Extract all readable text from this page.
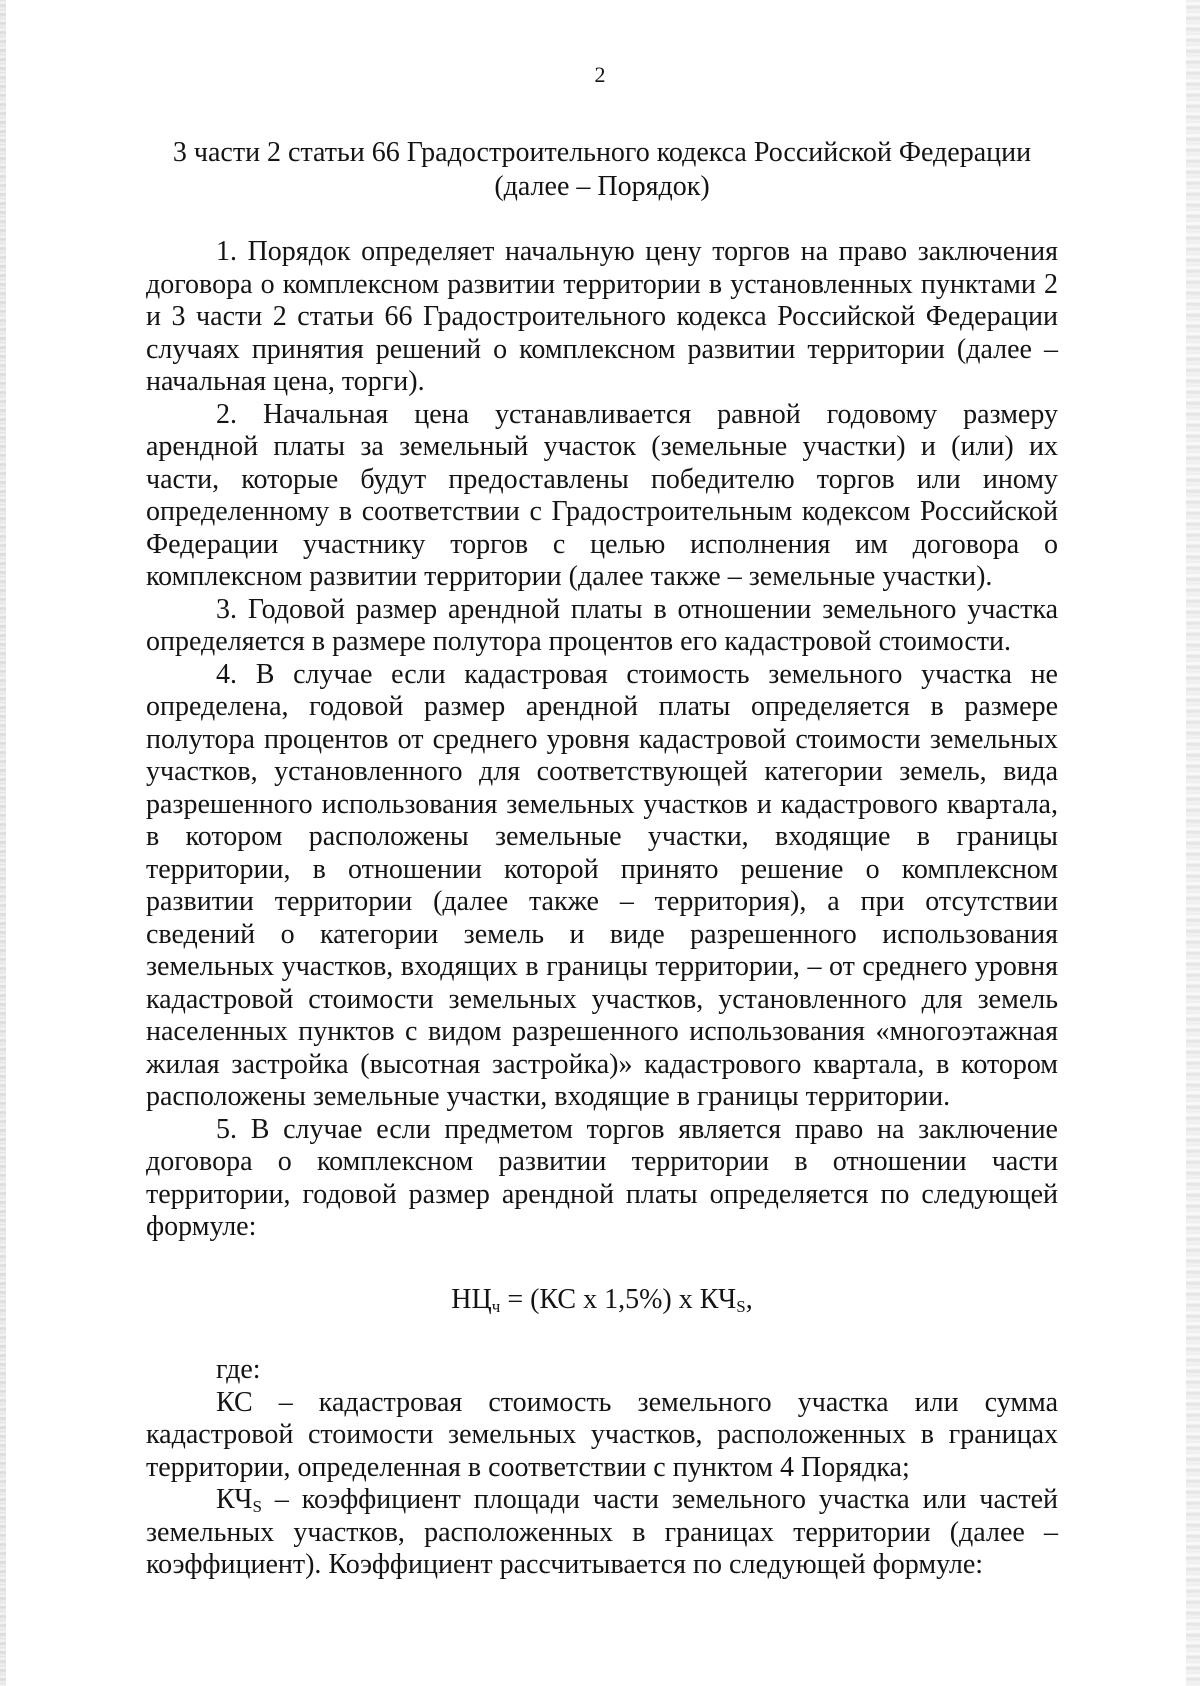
2
3 части 2 статьи 66 Градостроительного кодекса Российской Федерации
(далее – Порядок)

1. Порядок определяет начальную цену торгов на право заключения договора о комплексном развитии территории в установленных пунктами 2 и 3 части 2 статьи 66 Градостроительного кодекса Российской Федерации случаях принятия решений о комплексном развитии территории (далее – начальная цена, торги).

2. Начальная цена устанавливается равной годовому размеру арендной платы за земельный участок (земельные участки) и (или) их части, которые будут предоставлены победителю торгов или иному определенному в соответствии с Градостроительным кодексом Российской Федерации участнику торгов с целью исполнения им договора о комплексном развитии территории (далее также – земельные участки).

3. Годовой размер арендной платы в отношении земельного участка определяется в размере полутора процентов его кадастровой стоимости.

4. В случае если кадастровая стоимость земельного участка не определена, годовой размер арендной платы определяется в размере полутора процентов от среднего уровня кадастровой стоимости земельных участков, установленного для соответствующей категории земель, вида разрешенного использования земельных участков и кадастрового квартала, в котором расположены земельные участки, входящие в границы территории, в отношении которой принято решение о комплексном развитии территории (далее также – территория), а при отсутствии сведений о категории земель и виде разрешенного использования земельных участков, входящих в границы территории, – от среднего уровня кадастровой стоимости земельных участков, установленного для земель населенных пунктов с видом разрешенного использования «многоэтажная жилая застройка (высотная застройка)» кадастрового квартала, в котором расположены земельные участки, входящие в границы территории.

5. В случае если предметом торгов является право на заключение договора о комплексном развитии территории в отношении части территории, годовой размер арендной платы определяется по следующей формуле:

$НЦ_ч = (КС$ x 1,5%) x $КЧ_S$,

где:

КС – кадастровая стоимость земельного участка или сумма кадастровой стоимости земельных участков, расположенных в границах территории, определенная в соответствии с пунктом 4 Порядка;

КЧS – коэффициент площади части земельного участка или частей земельных участков, расположенных в границах территории (далее – коэффициент). Коэффициент рассчитывается по следующей формуле:
